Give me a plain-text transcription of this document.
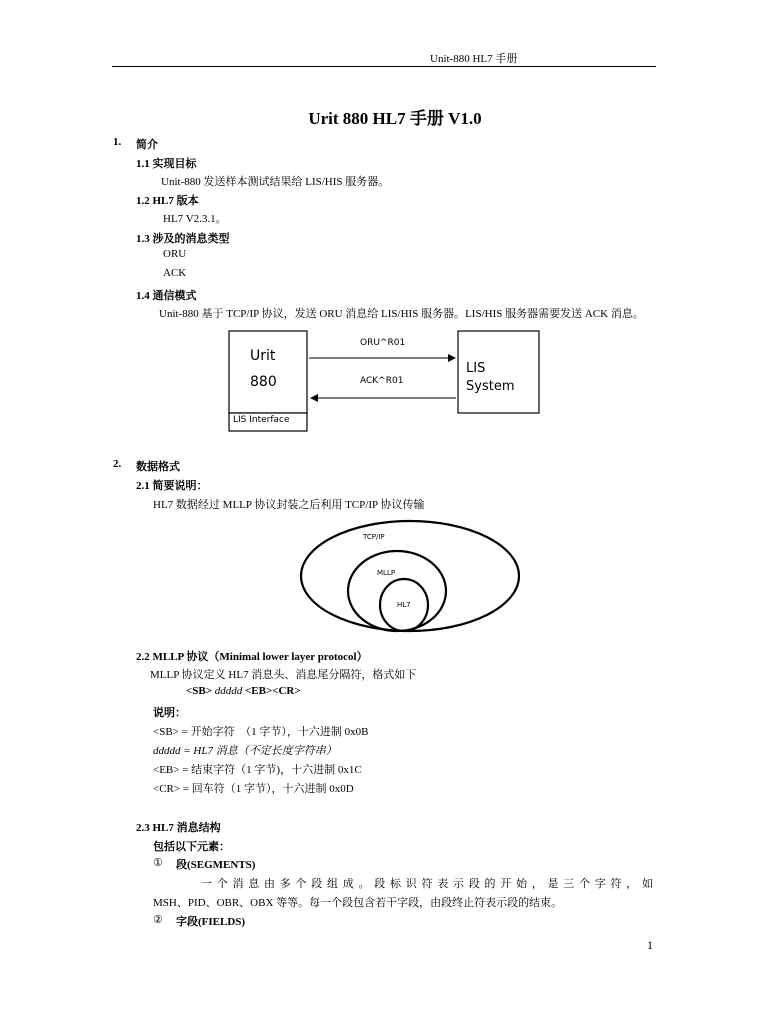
Unit-880 HL7 手册
Urit 880 HL7 手册 V1.0
1. 简介
1.1 实现目标
Unit-880 发送样本测试结果给 LIS/HIS 服务器。
1.2 HL7 版本
HL7 V2.3.1。
1.3 涉及的消息类型
ORU
ACK
1.4 通信模式
Unit-880 基于 TCP/IP 协议，发送 ORU 消息给 LIS/HIS 服务器。LIS/HIS 服务器需要发送 ACK 消息。
Urit
880
LIS Interface
ORU^R01
ACK^R01
LIS
System
2. 数据格式
2.1 简要说明：
HL7 数据经过 MLLP 协议封装之后利用 TCP/IP 协议传输
TCP/IP
MLLP
HL7
2.2 MLLP 协议（Minimal lower layer protocol）
MLLP 协议定义 HL7 消息头、消息尾分隔符，格式如下
<SB> ddddd <EB><CR>
说明：
<SB> = 开始字符　（1 字节），十六进制 0x0B
ddddd = HL7 消息（不定长度字符串）
<EB> = 结束字符（1 字节)，十六进制 0x1C
<CR> = 回车符（1 字节），十六进制 0x0D
2.3 HL7 消息结构
包括以下元素：
① 段(SEGMENTS)
一 个 消 息 由 多 个 段 组 成 。 段 标 识 符 表 示 段 的 开 始 ， 是 三 个 字 符 ， 如
MSH、PID、OBR、OBX 等等。每一个段包含若干字段，由段终止符表示段的结束。
② 字段(FIELDS)
1
